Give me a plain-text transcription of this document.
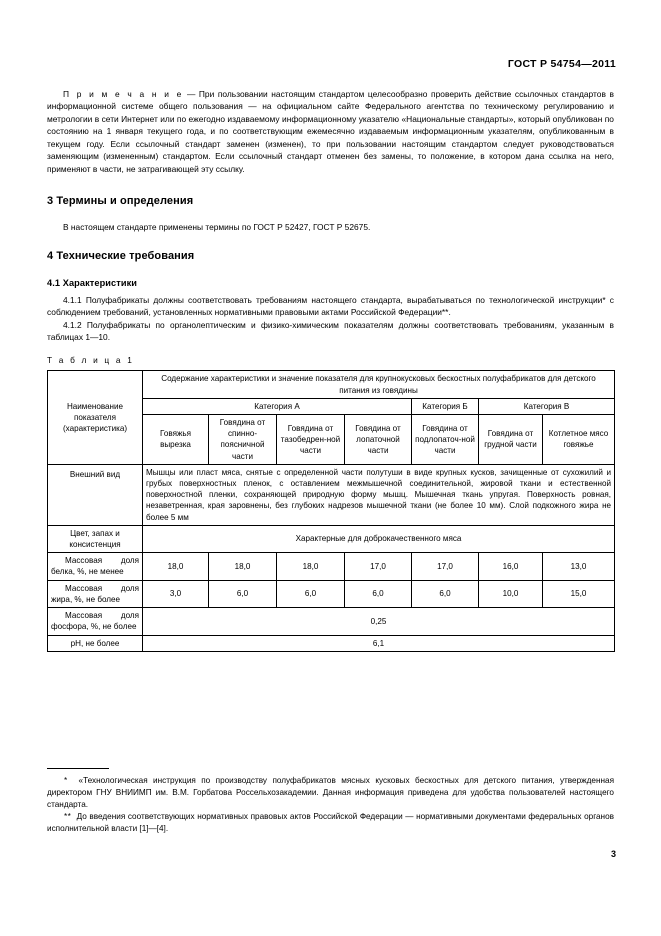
ГОСТ Р 54754—2011

П р и м е ч а н и е — При пользовании настоящим стандартом целесообразно проверить действие ссылочных стандартов в информационной системе общего пользования — на официальном сайте Федерального агентства по техническому регулированию и метрологии в сети Интернет или по ежегодно издаваемому информационному указателю «Национальные стандарты», который опубликован по состоянию на 1 января текущего года, и по соответствующим ежемесячно издаваемым информационным указателям, опубликованным в текущем году. Если ссылочный стандарт заменен (изменен), то при пользовании настоящим стандартом следует руководствоваться заменяющим (измененным) стандартом. Если ссылочный стандарт отменен без замены, то положение, в котором дана ссылка на него, применяют в части, не затрагивающей эту ссылку.

3 Термины и определения

В настоящем стандарте применены термины по ГОСТ Р 52427, ГОСТ Р 52675.

4 Технические требования
4.1 Характеристики

4.1.1 Полуфабрикаты должны соответствовать требованиям настоящего стандарта, вырабатываться по технологической инструкции* с соблюдением требований, установленных нормативными правовыми актами Российской Федерации**.

4.1.2 Полуфабрикаты по органолептическим и физико-химическим показателям должны соответствовать требованиям, указанным в таблицах 1—10.

Т а б л и ц а 1

Наименование показателя (характеристика)	Содержание характеристики и значение показателя для крупнокусковых бескостных полуфабрикатов для детского питания из говядины						
	Категория А				Категория Б	Категория В	
	Говяжья вырезка	Говядина от спинно-поясничной части	Говядина от тазобедрен-ной части	Говядина от лопаточной части	Говядина от подлопаточ-ной части	Говядина от грудной части	Котлетное мясо говяжье
Внешний вид	Мышцы или пласт мяса, снятые с определенной части полутуши в виде крупных кусков, зачищенные от сухожилий и грубых поверхностных пленок, с оставлением межмышечной соединительной, жировой ткани и естественной поверхностной пленки, сохраняющей природную форму мышц. Мышечная ткань упругая. Поверхность ровная, незаветренная, края заровнены, без глубоких надрезов мышечной ткани (не более 10 мм). Слой подкожного жира не более 5 мм						
Цвет, запах и консистенция	Характерные для доброкачественного мяса						
Массовая доля белка, %, не менее	18,0	18,0	18,0	17,0	17,0	16,0	13,0
Массовая доля жира, %, не более	3,0	6,0	6,0	6,0	6,0	10,0	15,0
Массовая доля фосфора, %, не более	0,25						
рН, не более	6,1						

* «Технологическая инструкция по производству полуфабрикатов мясных кусковых бескостных для детского питания, утвержденная директором ГНУ ВНИИМП им. В.М. Горбатова Россельхозакадемии. Данная информация приведена для удобства пользователей настоящего стандарта.

** До введения соответствующих нормативных правовых актов Российской Федерации — нормативными документами федеральных органов исполнительной власти [1]—[4].

3
